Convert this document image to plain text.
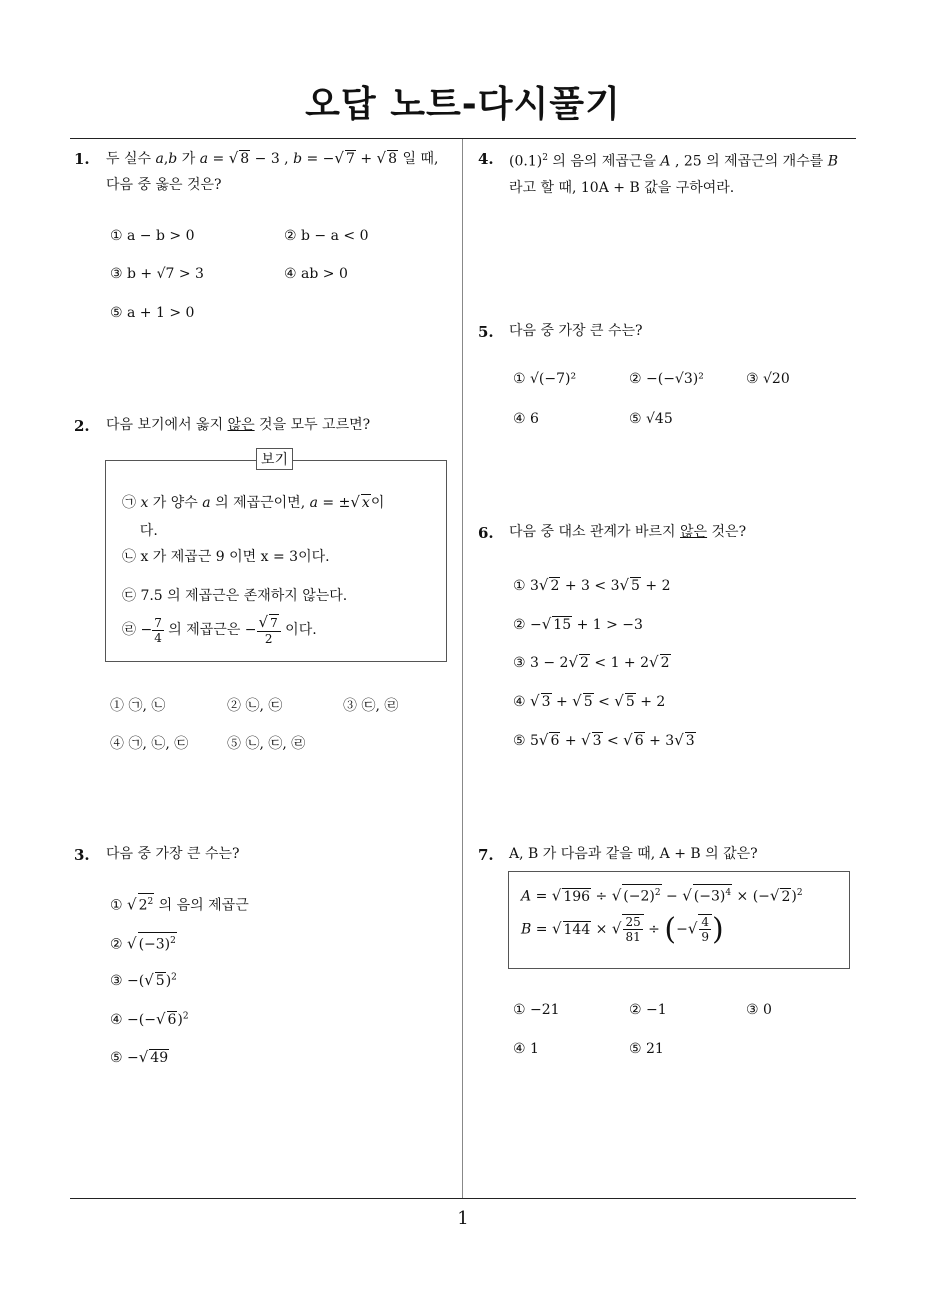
오답 노트-다시풀기
1. 두 실수 a,b 가 a = √ 8 − 3 , b = −√ 7 + √ 8 일 때,
다음 중 옳은 것은?
① a − b > 0	② b − a < 0
③ b + √7 > 3	④ ab > 0
⑤ a + 1 > 0
2. 다음 보기에서 옳지 않은 것을 모두 고르면?
보기
㉠ x 가 양수 a 의 제곱근이면, a = ±√ x이
다.
㉡ x 가 제곱근 9 이면 x = 3이다.
㉢ 7.5 의 제곱근은 존재하지 않는다.
㉣ − $\frac{7}{4}$ 의 제곱근은 − $\frac{√ 7}{2}$ 이다.
① ㉠, ㉡	② ㉡, ㉢	③ ㉢, ㉣
④ ㉠, ㉡, ㉢	⑤ ㉡, ㉢, ㉣
3. 다음 중 가장 큰 수는?
① √ $2^2$ 의 음의 제곱근
② √ $(-3)^2$
③ −(√ 5)$^2$
④ −(−√ 6)$^2$
⑤ −√ 49
4. $(0.1)^2$ 의 음의 제곱근을 A , 25 의 제곱근의 개수를 B
라고 할 때, 10A + B 값을 구하여라.
5. 다음 중 가장 큰 수는?
① √(−7)²	② −(−√3)²	③ √20
④ 6	⑤ √45
6. 다음 중 대소 관계가 바르지 않은 것은?
① 3√ 2 + 3 < 3√ 5 + 2
② −√ 15 + 1 > −3
③ 3 − 2√ 2 < 1 + 2√ 2
④ √ 3 + √ 5 < √ 5 + 2
⑤ 5√ 6 + √ 3 < √ 6 + 3√ 3
7. A, B 가 다음과 같을 때, A + B 의 값은?
A = √ 196 ÷ √ $(-2)^2$ − √ $(-3)^4$ × (−√ 2)$^2$
B = √ 144 × √ $\frac{25}{81}$ ÷ (−√ $\frac{4}{9}$ )
① −21	② −1	③ 0
④ 1	⑤ 21
1
